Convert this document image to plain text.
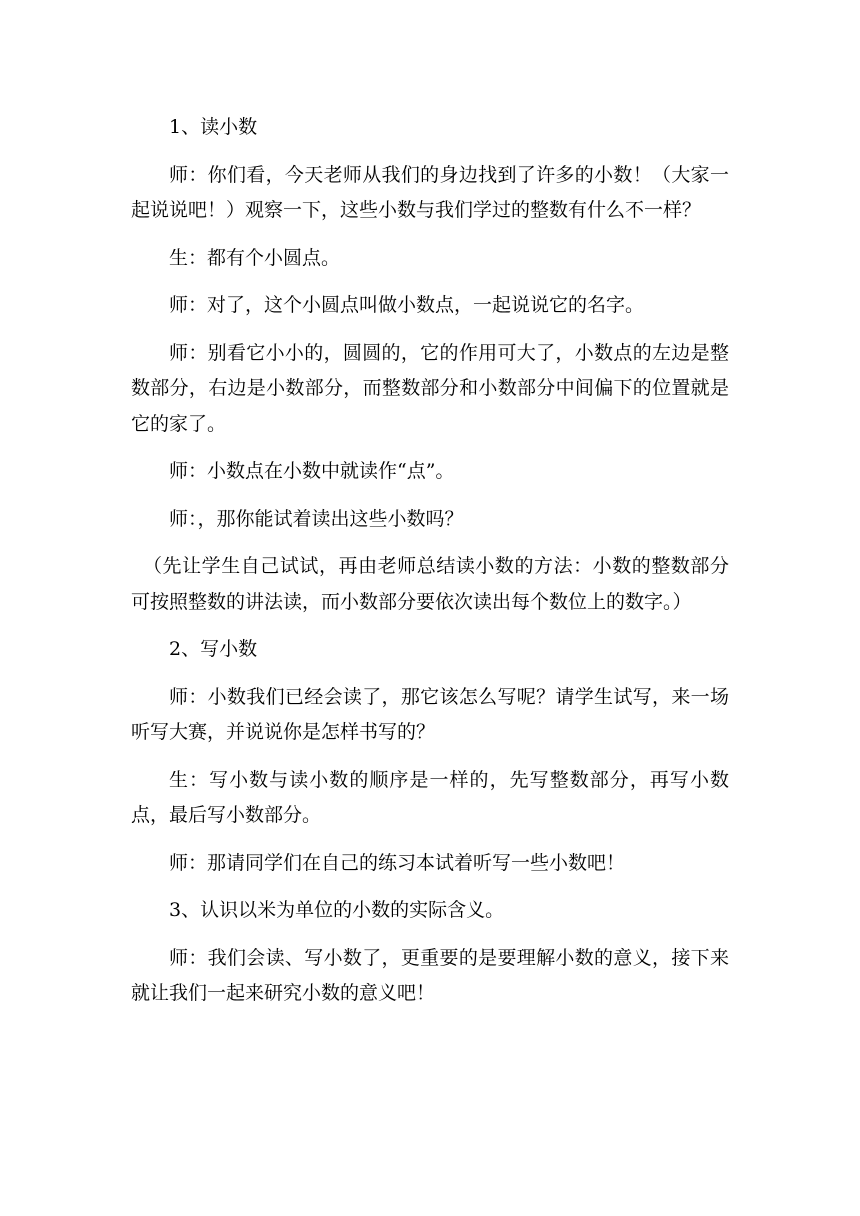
1、读小数

师：你们看，今天老师从我们的身边找到了许多的小数！（大家一起说说吧！）观察一下，这些小数与我们学过的整数有什么不一样？

生：都有个小圆点。

师：对了，这个小圆点叫做小数点，一起说说它的名字。

师：别看它小小的，圆圆的，它的作用可大了，小数点的左边是整数部分，右边是小数部分，而整数部分和小数部分中间偏下的位置就是它的家了。

师：小数点在小数中就读作“点”。

师：，那你能试着读出这些小数吗？

（先让学生自己试试，再由老师总结读小数的方法：小数的整数部分可按照整数的讲法读，而小数部分要依次读出每个数位上的数字。）

2、写小数

师：小数我们已经会读了，那它该怎么写呢？请学生试写，来一场听写大赛，并说说你是怎样书写的？

生：写小数与读小数的顺序是一样的，先写整数部分，再写小数点，最后写小数部分。

师：那请同学们在自己的练习本试着听写一些小数吧！

3、认识以米为单位的小数的实际含义。

师：我们会读、写小数了，更重要的是要理解小数的意义，接下来就让我们一起来研究小数的意义吧！
